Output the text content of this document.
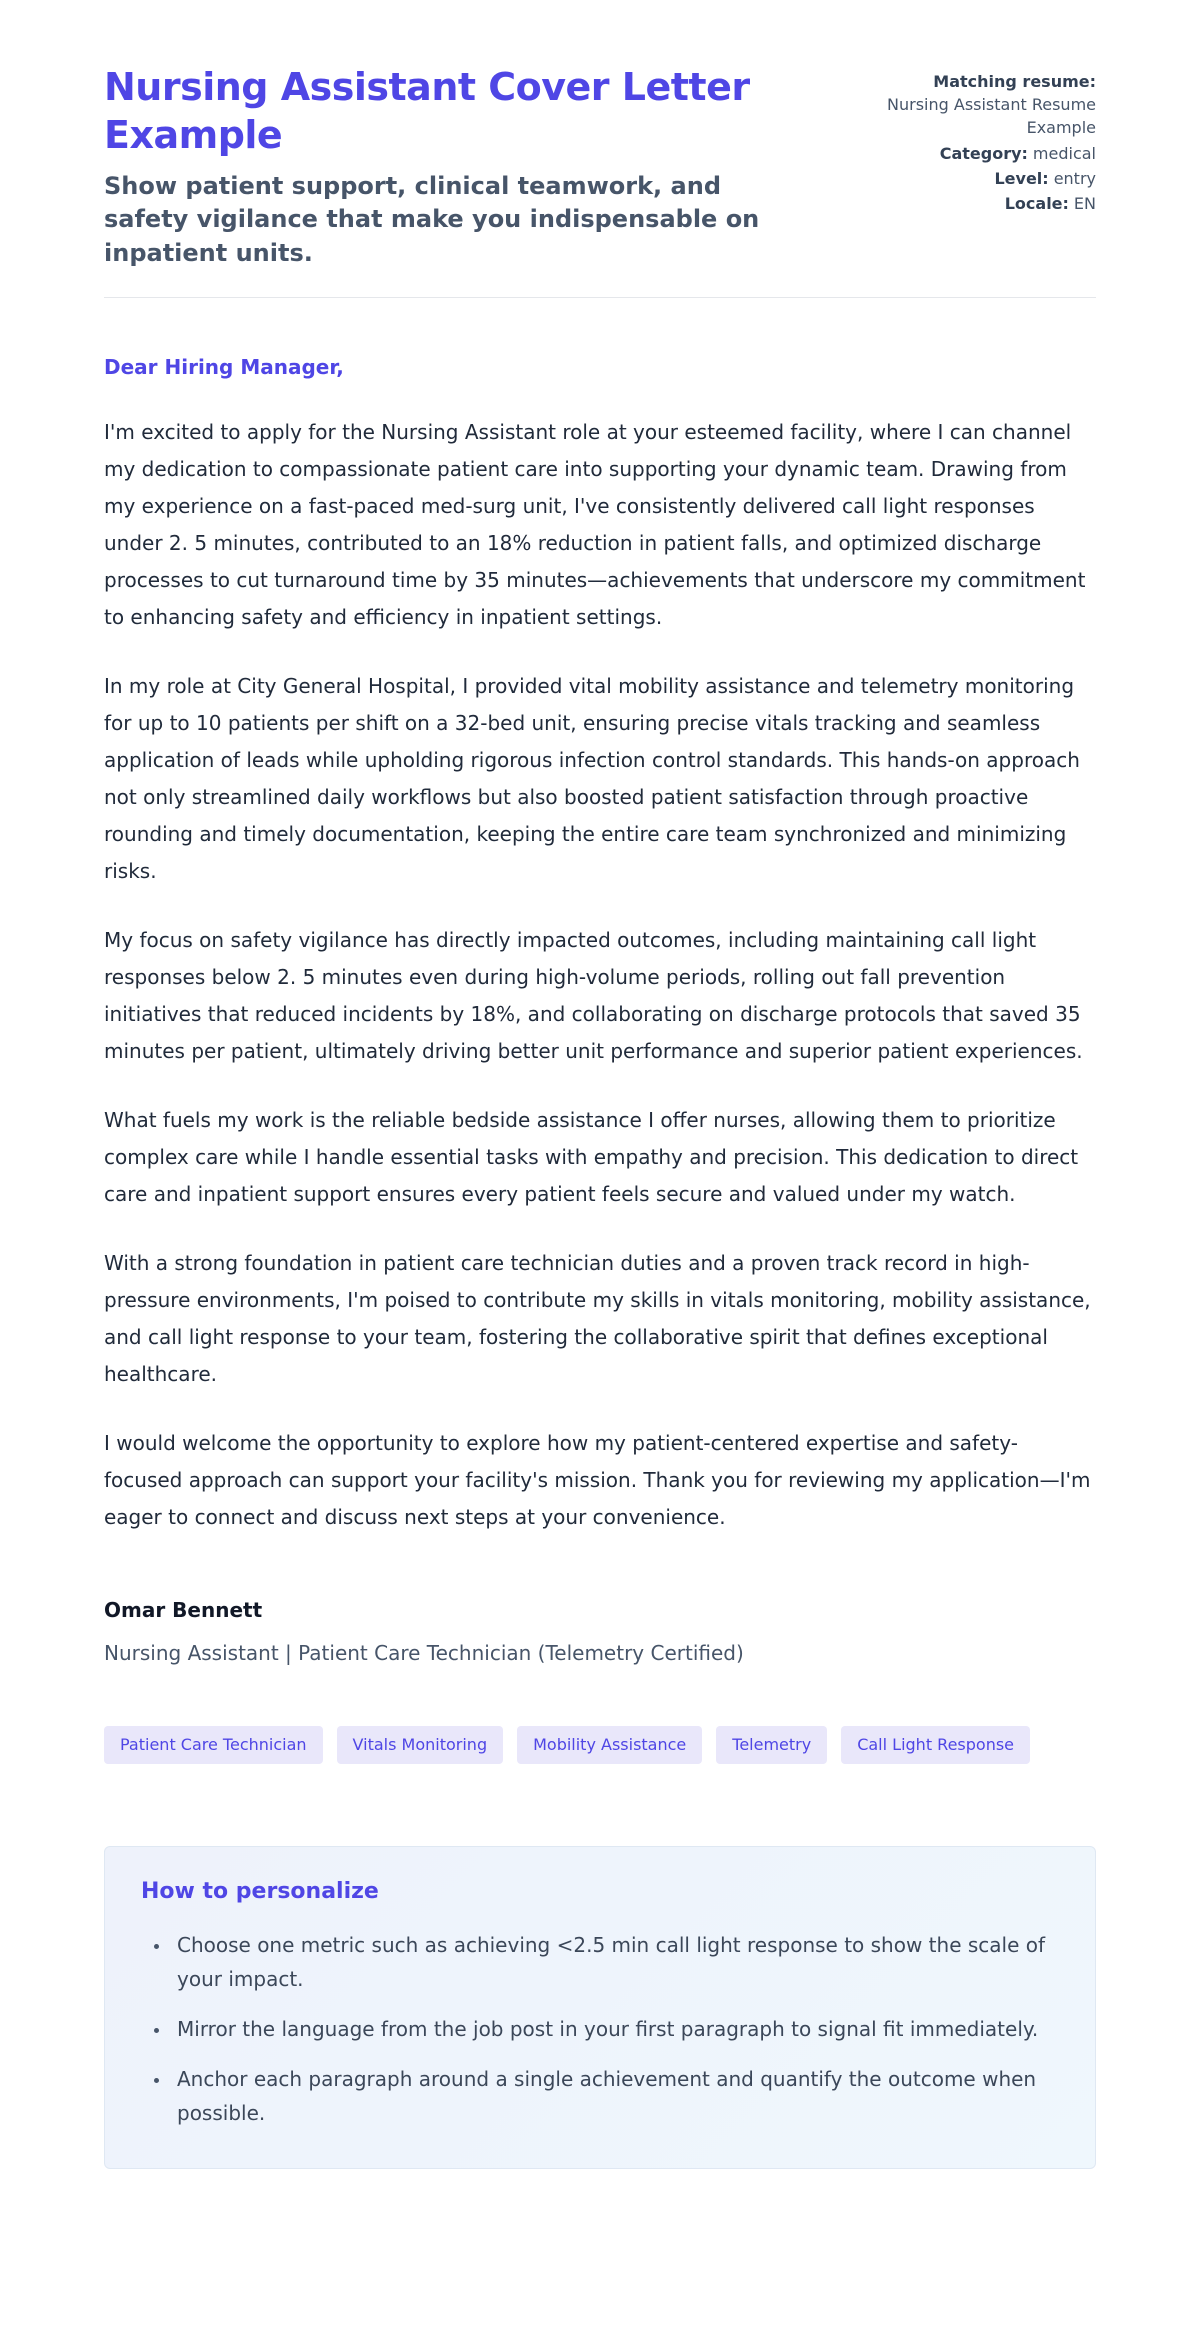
Nursing Assistant Cover Letter Example

Show patient support, clinical teamwork, and safety vigilance that make you indispensable on inpatient units.

Matching resume:
Nursing Assistant Resume Example
Category: medical
Level: entry
Locale: EN

Dear Hiring Manager,

I'm excited to apply for the Nursing Assistant role at your esteemed facility, where I can channel my dedication to compassionate patient care into supporting your dynamic team. Drawing from my experience on a fast-paced med-surg unit, I've consistently delivered call light responses under 2. 5 minutes, contributed to an 18% reduction in patient falls, and optimized discharge processes to cut turnaround time by 35 minutes—achievements that underscore my commitment to enhancing safety and efficiency in inpatient settings.

In my role at City General Hospital, I provided vital mobility assistance and telemetry monitoring for up to 10 patients per shift on a 32-bed unit, ensuring precise vitals tracking and seamless application of leads while upholding rigorous infection control standards. This hands-on approach not only streamlined daily workflows but also boosted patient satisfaction through proactive rounding and timely documentation, keeping the entire care team synchronized and minimizing risks.

My focus on safety vigilance has directly impacted outcomes, including maintaining call light responses below 2. 5 minutes even during high-volume periods, rolling out fall prevention initiatives that reduced incidents by 18%, and collaborating on discharge protocols that saved 35 minutes per patient, ultimately driving better unit performance and superior patient experiences.

What fuels my work is the reliable bedside assistance I offer nurses, allowing them to prioritize complex care while I handle essential tasks with empathy and precision. This dedication to direct care and inpatient support ensures every patient feels secure and valued under my watch.

With a strong foundation in patient care technician duties and a proven track record in high-pressure environments, I'm poised to contribute my skills in vitals monitoring, mobility assistance, and call light response to your team, fostering the collaborative spirit that defines exceptional healthcare.

I would welcome the opportunity to explore how my patient-centered expertise and safety-focused approach can support your facility's mission. Thank you for reviewing my application—I'm eager to connect and discuss next steps at your convenience.

Omar Bennett

Nursing Assistant | Patient Care Technician (Telemetry Certified)

Patient Care Technician	Vitals Monitoring	Mobility Assistance	Telemetry	Call Light Response
How to personalize
• Choose one metric such as achieving <2.5 min call light response to show the scale of your impact.
• Mirror the language from the job post in your first paragraph to signal fit immediately.
• Anchor each paragraph around a single achievement and quantify the outcome when possible.
